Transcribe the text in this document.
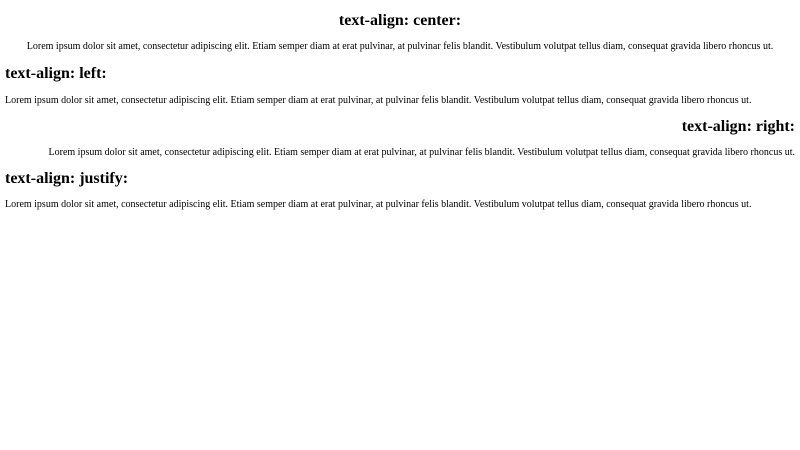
text-align: center:

Lorem ipsum dolor sit amet, consectetur adipiscing elit. Etiam semper diam at erat pulvinar, at pulvinar felis blandit. Vestibulum volutpat tellus diam, consequat gravida libero rhoncus ut.

text-align: left:

Lorem ipsum dolor sit amet, consectetur adipiscing elit. Etiam semper diam at erat pulvinar, at pulvinar felis blandit. Vestibulum volutpat tellus diam, consequat gravida libero rhoncus ut.

text-align: right:

Lorem ipsum dolor sit amet, consectetur adipiscing elit. Etiam semper diam at erat pulvinar, at pulvinar felis blandit. Vestibulum volutpat tellus diam, consequat gravida libero rhoncus ut.

text-align: justify:

Lorem ipsum dolor sit amet, consectetur adipiscing elit. Etiam semper diam at erat pulvinar, at pulvinar felis blandit. Vestibulum volutpat tellus diam, consequat gravida libero rhoncus ut.
